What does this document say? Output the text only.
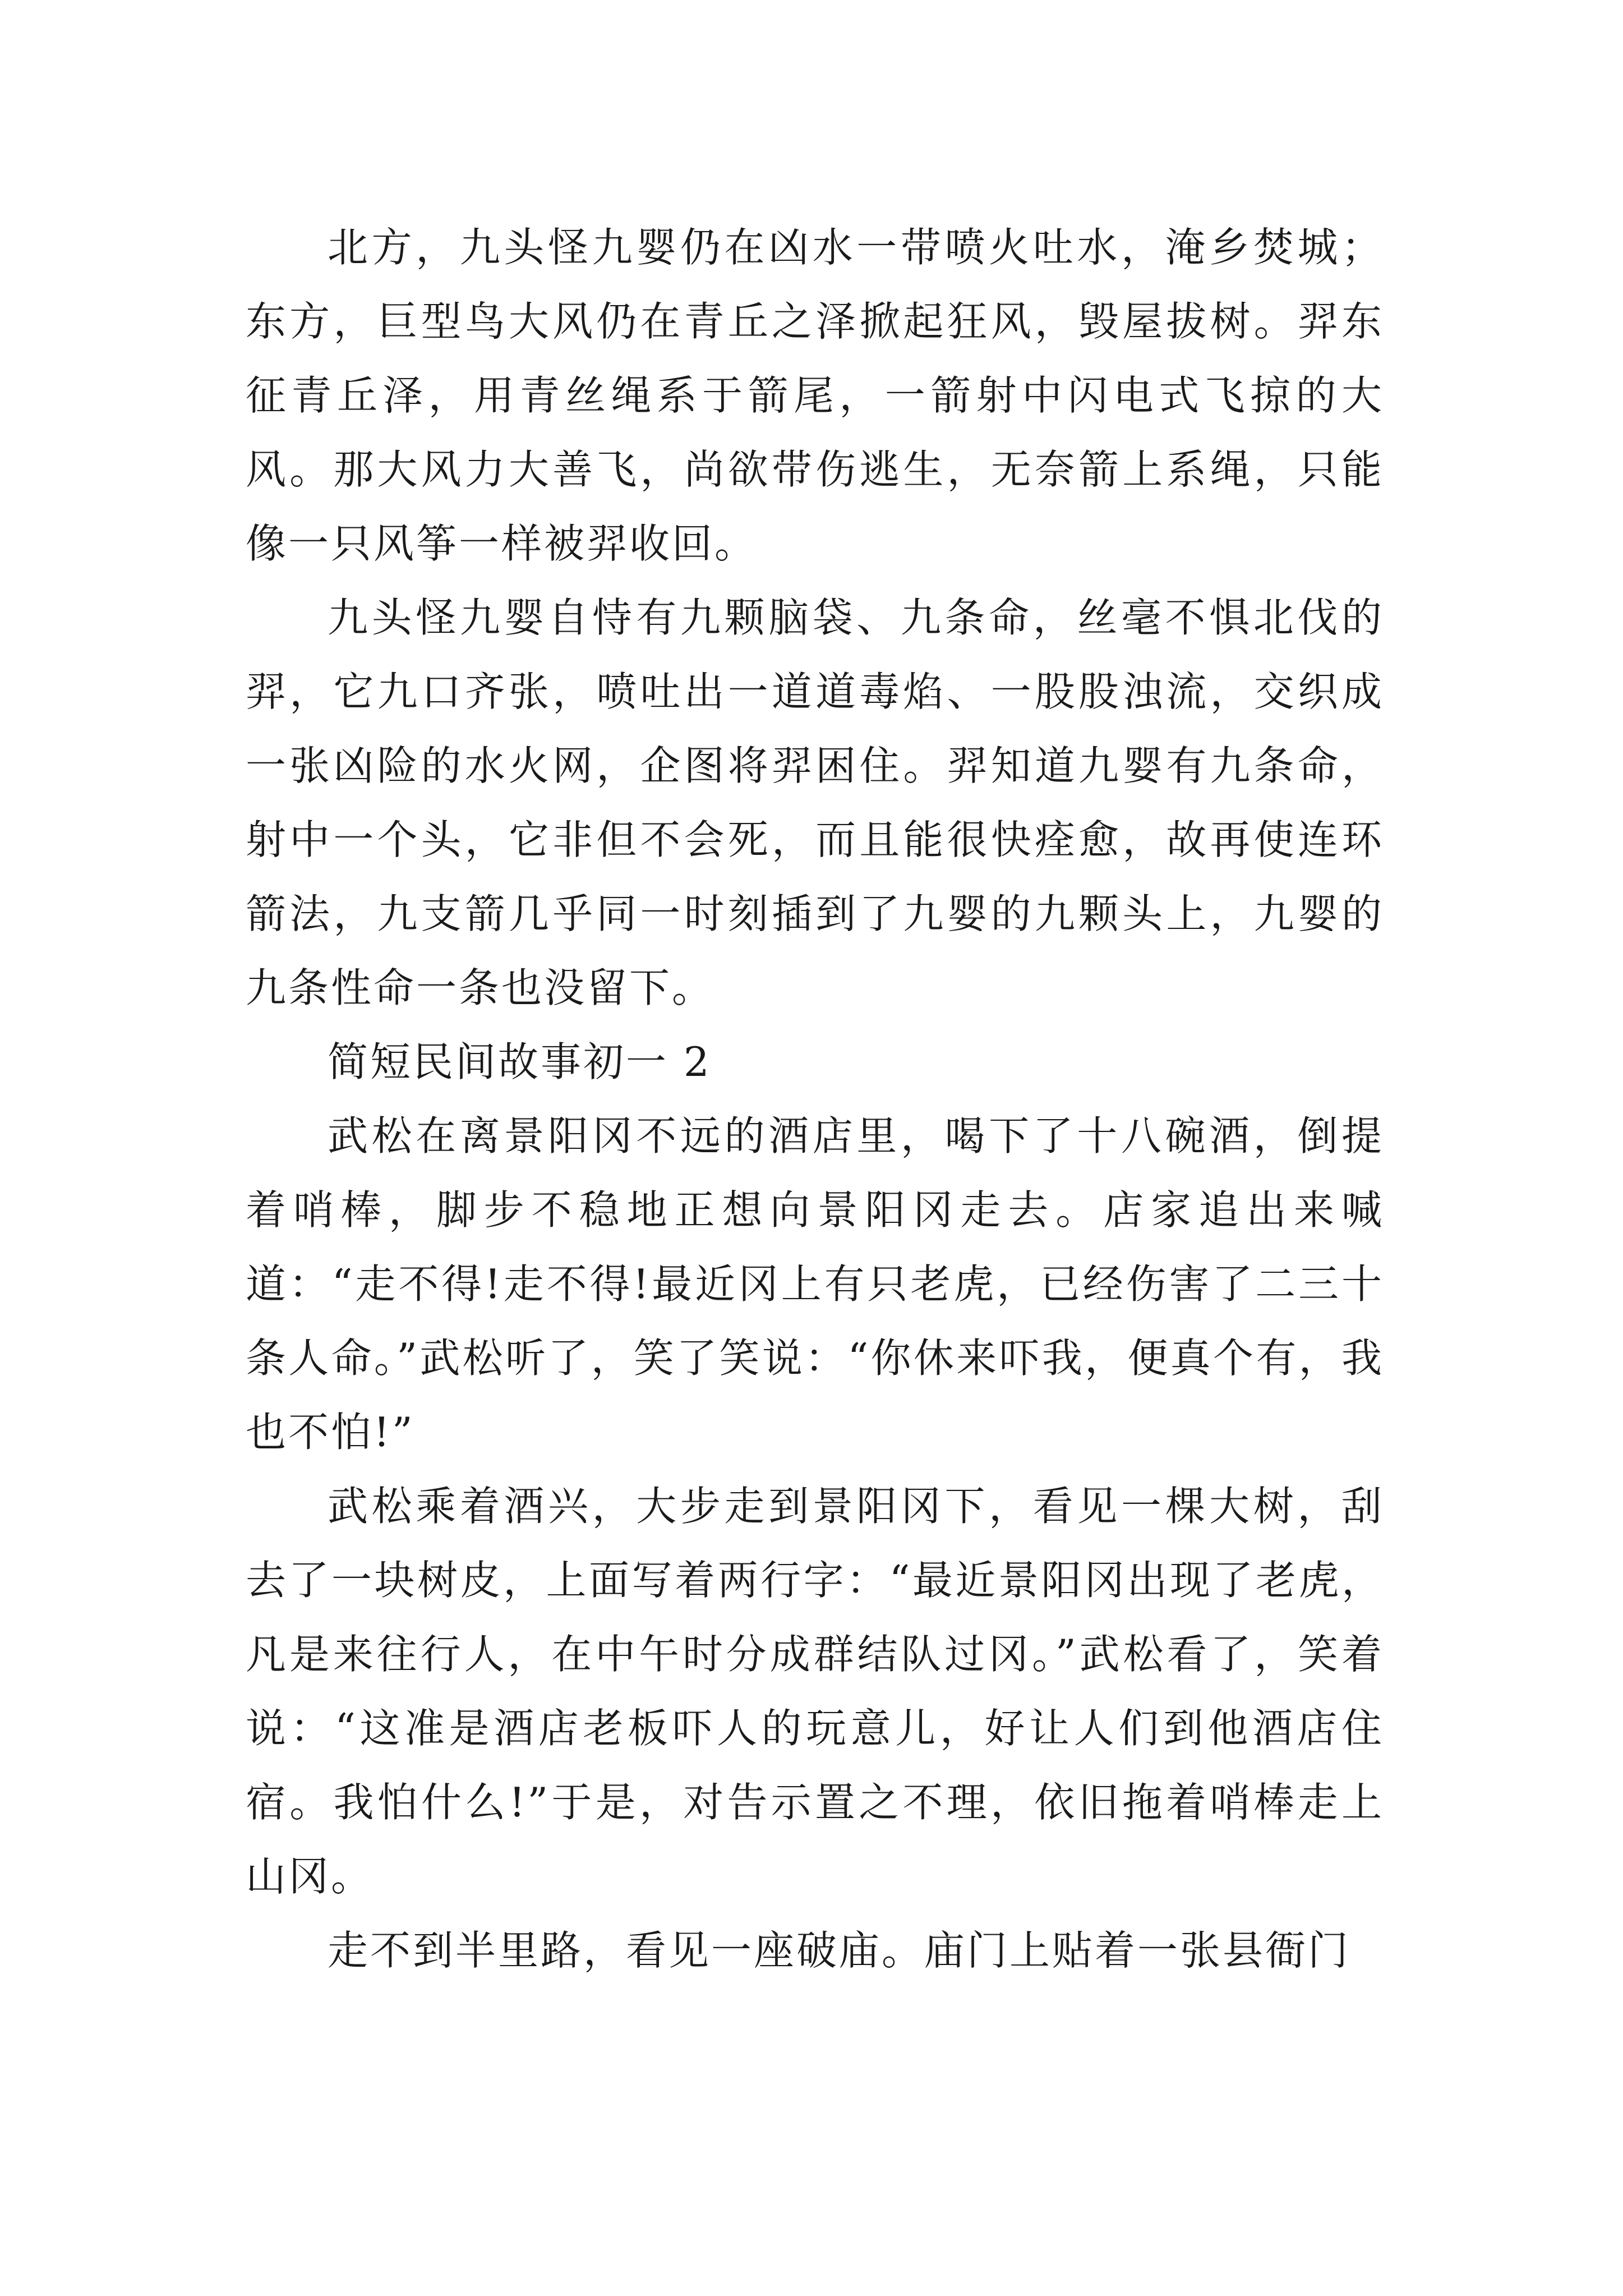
北方，九头怪九婴仍在凶水一带喷火吐水，淹乡焚城；东方，巨型鸟大风仍在青丘之泽掀起狂风，毁屋拔树。羿东征青丘泽，用青丝绳系于箭尾，一箭射中闪电式飞掠的大风。那大风力大善飞，尚欲带伤逃生，无奈箭上系绳，只能像一只风筝一样被羿收回。

九头怪九婴自恃有九颗脑袋、九条命，丝毫不惧北伐的羿，它九口齐张，喷吐出一道道毒焰、一股股浊流，交织成一张凶险的水火网，企图将羿困住。羿知道九婴有九条命，射中一个头，它非但不会死，而且能很快痊愈，故再使连环箭法，九支箭几乎同一时刻插到了九婴的九颗头上，九婴的九条性命一条也没留下。

简短民间故事初一 2

武松在离景阳冈不远的酒店里，喝下了十八碗酒，倒提着哨棒，脚步不稳地正想向景阳冈走去。店家追出来喊道：“走不得!走不得!最近冈上有只老虎，已经伤害了二三十条人命。”武松听了，笑了笑说：“你休来吓我，便真个有，我也不怕!”

武松乘着酒兴，大步走到景阳冈下，看见一棵大树，刮去了一块树皮，上面写着两行字：“最近景阳冈出现了老虎，凡是来往行人，在中午时分成群结队过冈。”武松看了，笑着说：“这准是酒店老板吓人的玩意儿，好让人们到他酒店住宿。我怕什么!”于是，对告示置之不理，依旧拖着哨棒走上山冈。

走不到半里路，看见一座破庙。庙门上贴着一张县衙门
